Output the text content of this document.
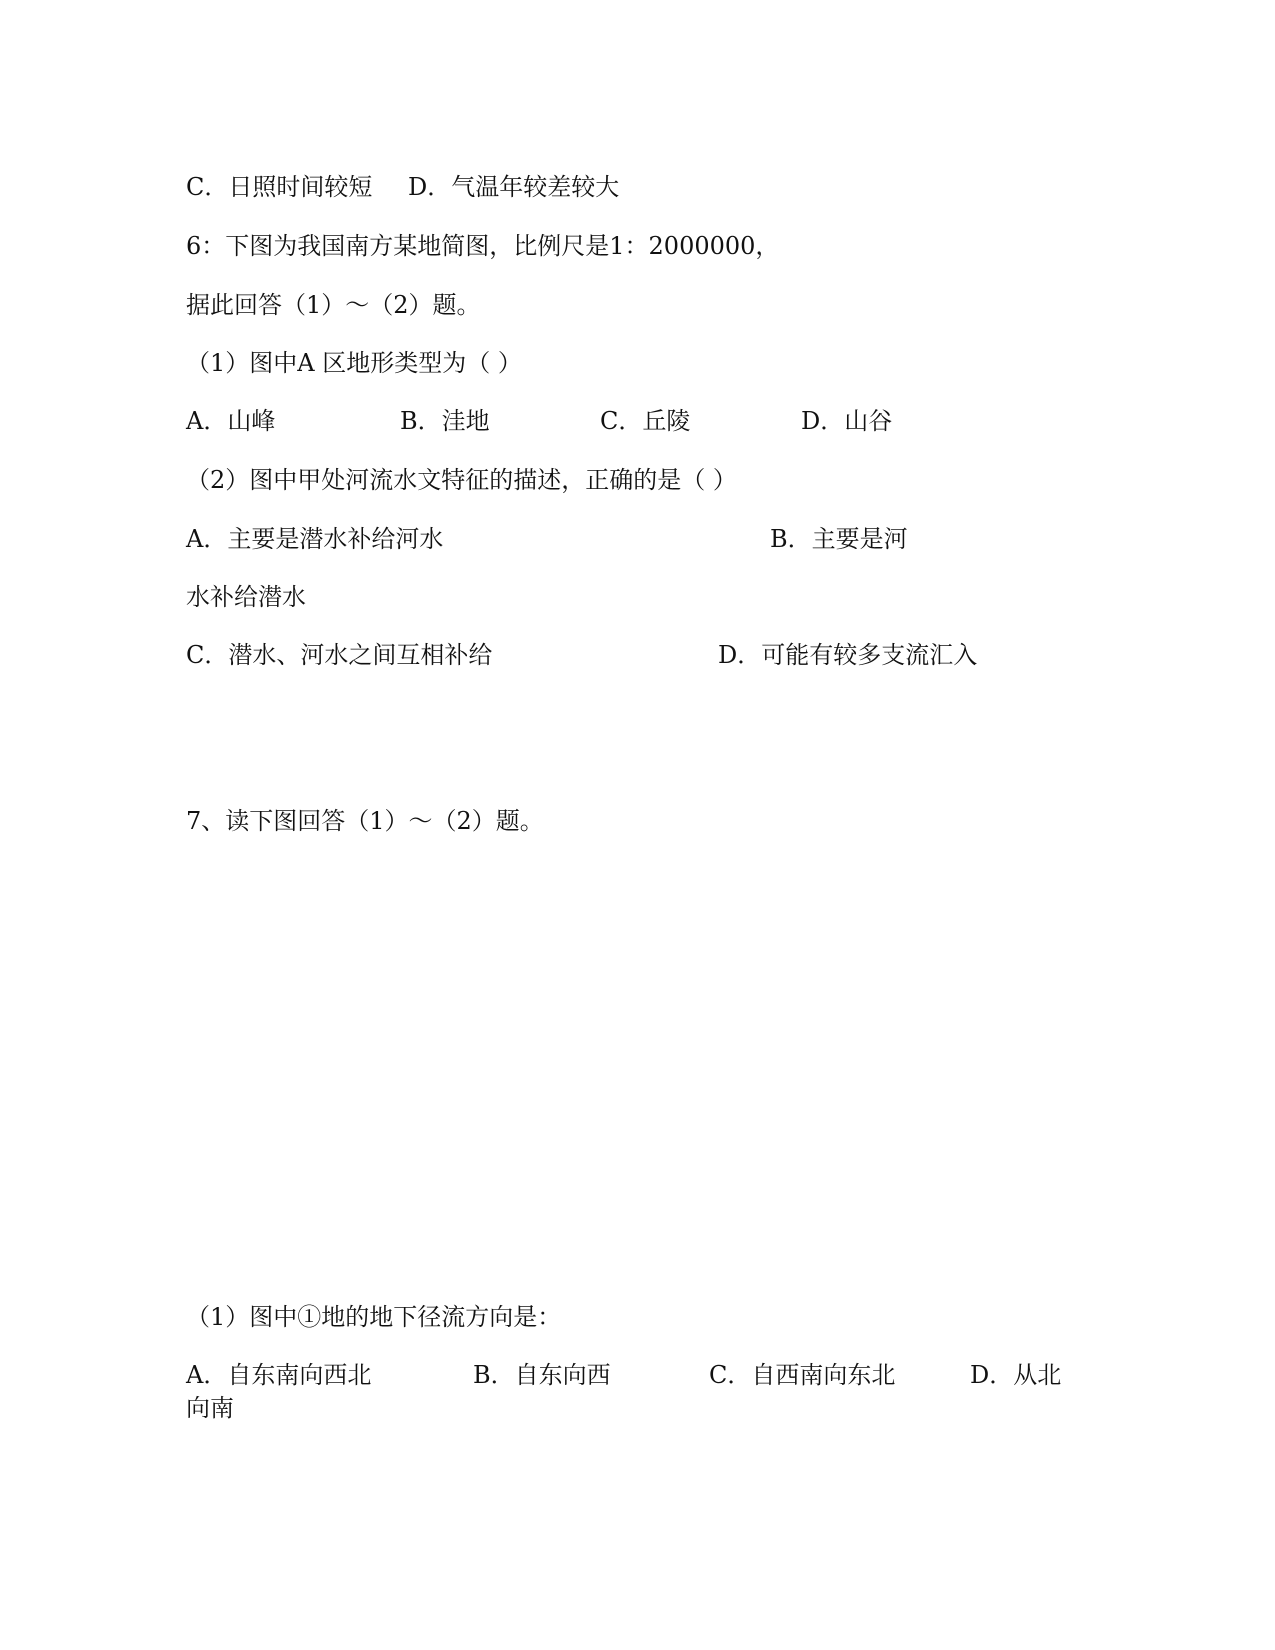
C．日照时间较短 D．气温年较差较大
6：下图为我国南方某地简图，比例尺是1：2000000，
据此回答（1）～（2）题。
（1）图中A 区地形类型为（ ）
A．山峰	B．洼地	C．丘陵	D．山谷
（2）图中甲处河流水文特征的描述，正确的是（ ）
A．主要是潜水补给河水	B．主要是河
水补给潜水
C．潜水、河水之间互相补给	D．可能有较多支流汇入
7、读下图回答（1）～（2）题。
（1）图中①地的地下径流方向是：
A．自东南向西北	B．自东向西	C．自西南向东北	D．从北
向南
